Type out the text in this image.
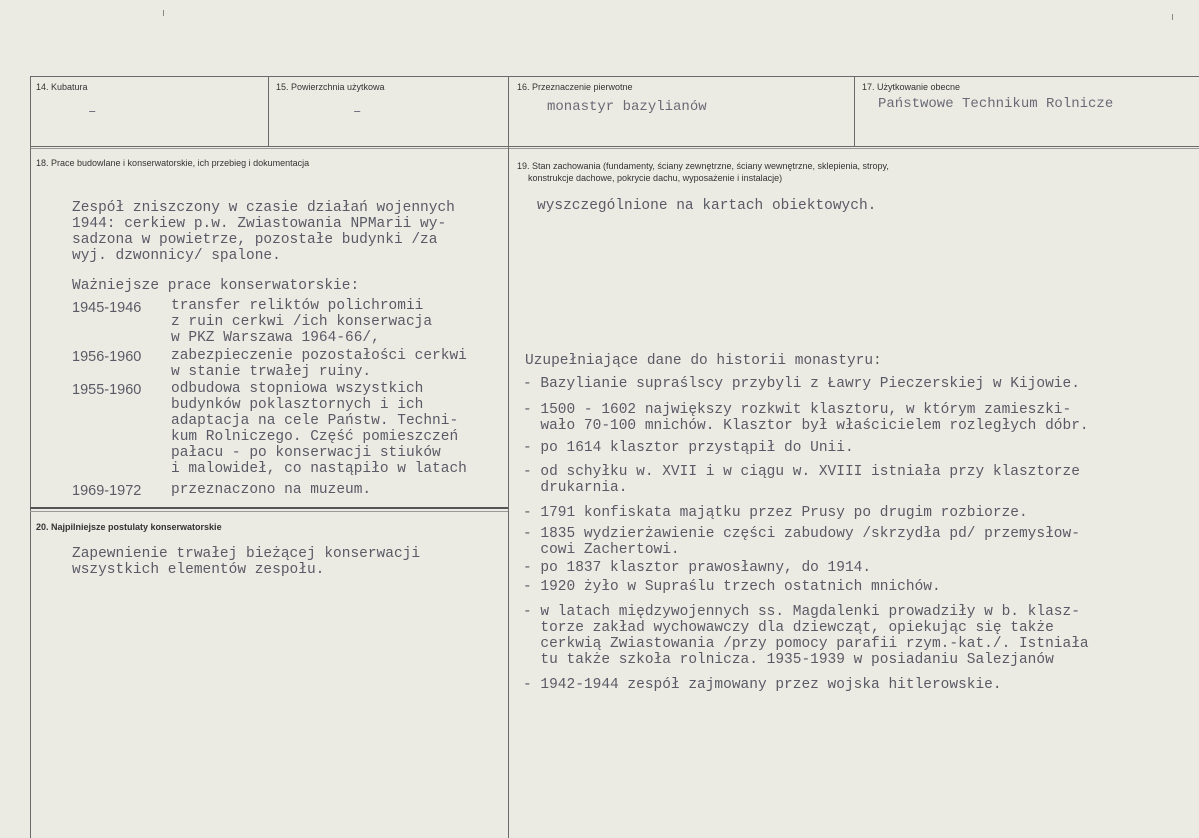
14. Kubatura
–
15. Powierzchnia użytkowa
–
16. Przeznaczenie pierwotne
monastyr bazylianów
17. Użytkowanie obecne
Państwowe Technikum Rolnicze
18. Prace budowlane i konserwatorskie, ich przebieg i dokumentacja
Zespół zniszczony w czasie działań wojennych
1944: cerkiew p.w. Zwiastowania NPMarii wy-
sadzona w powietrze, pozostałe budynki /za
wyj. dzwonnicy/ spalone.
Ważniejsze prace konserwatorskie:
1945-1946 transfer reliktów polichromii
z ruin cerkwi /ich konserwacja
w PKZ Warszawa 1964-66/,
1956-1960 zabezpieczenie pozostałości cerkwi
w stanie trwałej ruiny.
1955-1960 odbudowa stopniowa wszystkich
budynków poklasztornych i ich
adaptacja na cele Państw. Techni-
kum Rolniczego. Część pomieszczeń
pałacu - po konserwacji stiuków
i malowideł, co nastąpiło w latach
1969-1972 przeznaczono na muzeum.
19. Stan zachowania (fundamenty, ściany zewnętrzne, ściany wewnętrzne, sklepienia, stropy,
konstrukcje dachowe, pokrycie dachu, wyposażenie i instalacje)
wyszczególnione na kartach obiektowych.
Uzupełniające dane do historii monastyru:
- Bazylianie supraślscy przybyli z Ławry Pieczerskiej w Kijowie.
- 1500 - 1602 największy rozkwit klasztoru, w którym zamieszki-
wało 70-100 mnichów. Klasztor był właścicielem rozległych dóbr.
- po 1614 klasztor przystąpił do Unii.
- od schyłku w. XVII i w ciągu w. XVIII istniała przy klasztorze
drukarnia.
- 1791 konfiskata majątku przez Prusy po drugim rozbiorze.
- 1835 wydzierżawienie części zabudowy /skrzydła pd/ przemysłow-
cowi Zachertowi.
- po 1837 klasztor prawosławny, do 1914.
- 1920 żyło w Supraślu trzech ostatnich mnichów.
- w latach międzywojennych ss. Magdalenki prowadziły w b. klasz-
torze zakład wychowawczy dla dziewcząt, opiekując się także
cerkwią Zwiastowania /przy pomocy parafii rzym.-kat./. Istniała
tu także szkoła rolnicza. 1935-1939 w posiadaniu Salezjanów
- 1942-1944 zespół zajmowany przez wojska hitlerowskie.
20. Najpilniejsze postulaty konserwatorskie
Zapewnienie trwałej bieżącej konserwacji
wszystkich elementów zespołu.
